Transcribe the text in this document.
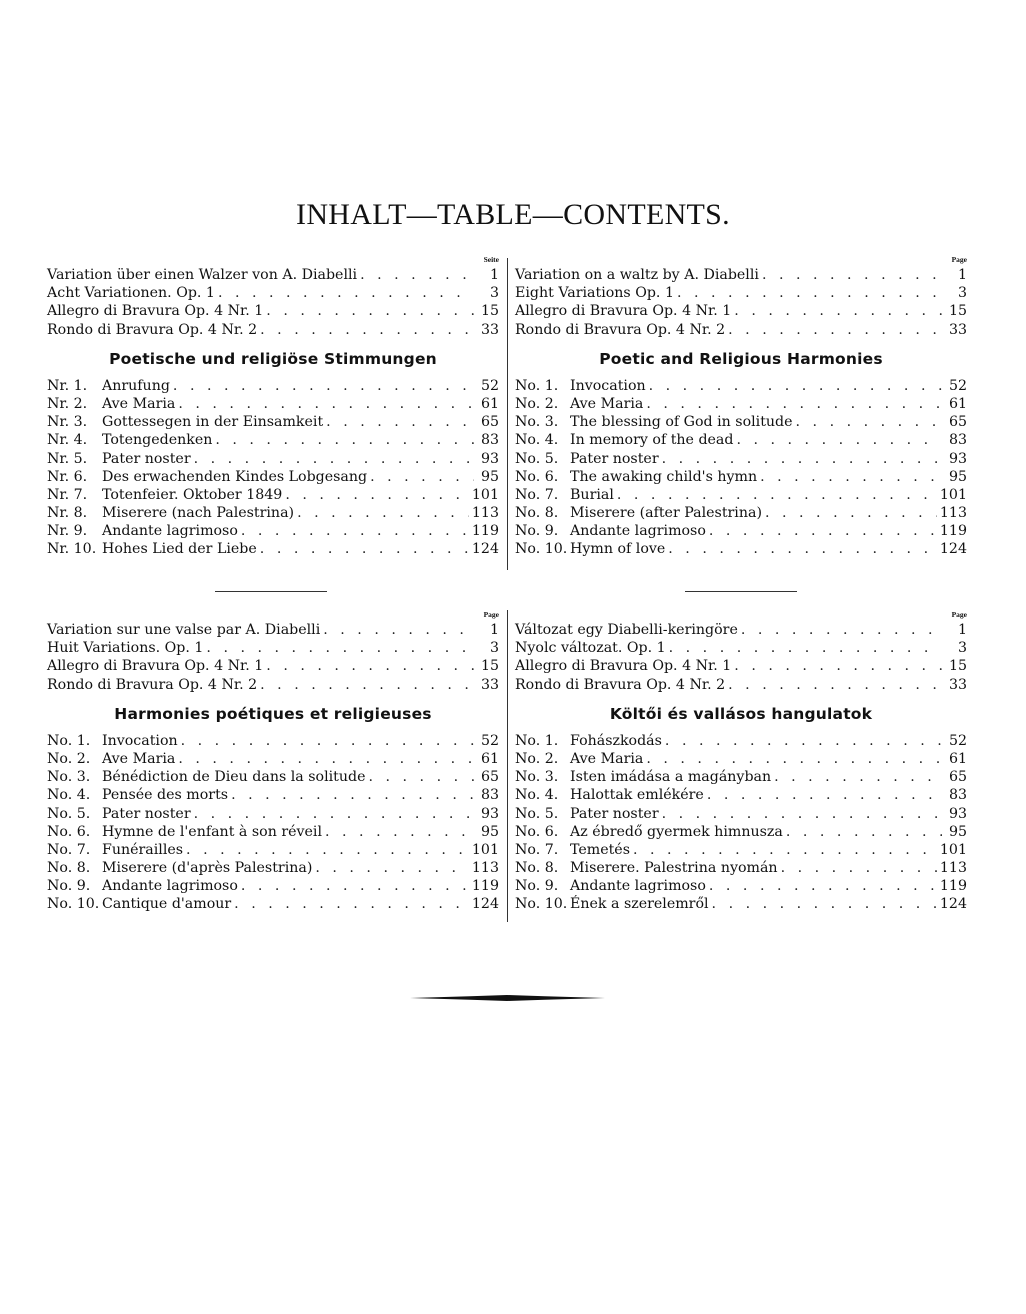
INHALT—TABLE—CONTENTS.
Seite
Variation über einen Walzer von A. Diabelli . . .	1
Acht Variationen. Op. 1 . . .	3
Allegro di Bravura Op. 4 Nr. 1 . . .	15
Rondo di Bravura Op. 4 Nr. 2 . . .	33
Poetische und religiöse Stimmungen
Nr. 1.	Anrufung . . .	52
Nr. 2.	Ave Maria . . .	61
Nr. 3.	Gottessegen in der Einsamkeit . . .	65
Nr. 4.	Totengedenken . . .	83
Nr. 5.	Pater noster . . .	93
Nr. 6.	Des erwachenden Kindes Lobgesang . . .	95
Nr. 7.	Totenfeier. Oktober 1849 . . .	101
Nr. 8.	Miserere (nach Palestrina) . . .	113
Nr. 9.	Andante lagrimoso . . .	119
Nr. 10. Hohes Lied der Liebe . . .	124
Page
Variation on a waltz by A. Diabelli . . .	1
Eight Variations Op. 1 . . .	3
Allegro di Bravura Op. 4 Nr. 1 . . .	15
Rondo di Bravura Op. 4 Nr. 2 . . .	33
Poetic and Religious Harmonies
No. 1. Invocation . . .	52
No. 2. Ave Maria . . .	61
No. 3. The blessing of God in solitude . . .	65
No. 4. In memory of the dead . . .	83
No. 5. Pater noster . . .	93
No. 6. The awaking child's hymn . . .	95
No. 7. Burial . . .	101
No. 8. Miserere (after Palestrina) . . .	113
No. 9. Andante lagrimoso . . .	119
No. 10. Hymn of love . . .	124
Page
Variation sur une valse par A. Diabelli . . .	1
Huit Variations. Op. 1 . . .	3
Allegro di Bravura Op. 4 Nr. 1 . . .	15
Rondo di Bravura Op. 4 Nr. 2 . . .	33
Harmonies poétiques et religieuses
No. 1. Invocation . . .	52
No. 2. Ave Maria . . .	61
No. 3. Bénédiction de Dieu dans la solitude . . .	65
No. 4. Pensée des morts . . .	83
No. 5. Pater noster . . .	93
No. 6. Hymne de l'enfant à son réveil . . .	95
No. 7. Funérailles . . .	101
No. 8. Miserere (d'après Palestrina) . . .	113
No. 9. Andante lagrimoso . . .	119
No. 10. Cantique d'amour . . .	124
Page
Változat egy Diabelli-keringöre . . .	1
Nyolc változat. Op. 1 . . .	3
Allegro di Bravura Op. 4 Nr. 1 . . .	15
Rondo di Bravura Op. 4 Nr. 2 . . .	33
Költői és vallásos hangulatok
No. 1. Fohászkodás . . .	52
No. 2. Ave Maria . . .	61
No. 3. Isten imádása a magányban . . .	65
No. 4. Halottak emlékére . . .	83
No. 5. Pater noster . . .	93
No. 6. Az ébredő gyermek himnusza . . .	95
No. 7. Temetés . . .	101
No. 8. Miserere. Palestrina nyomán . . .	113
No. 9. Andante lagrimoso . . .	119
No. 10. Ének a szerelemről . . .	124
